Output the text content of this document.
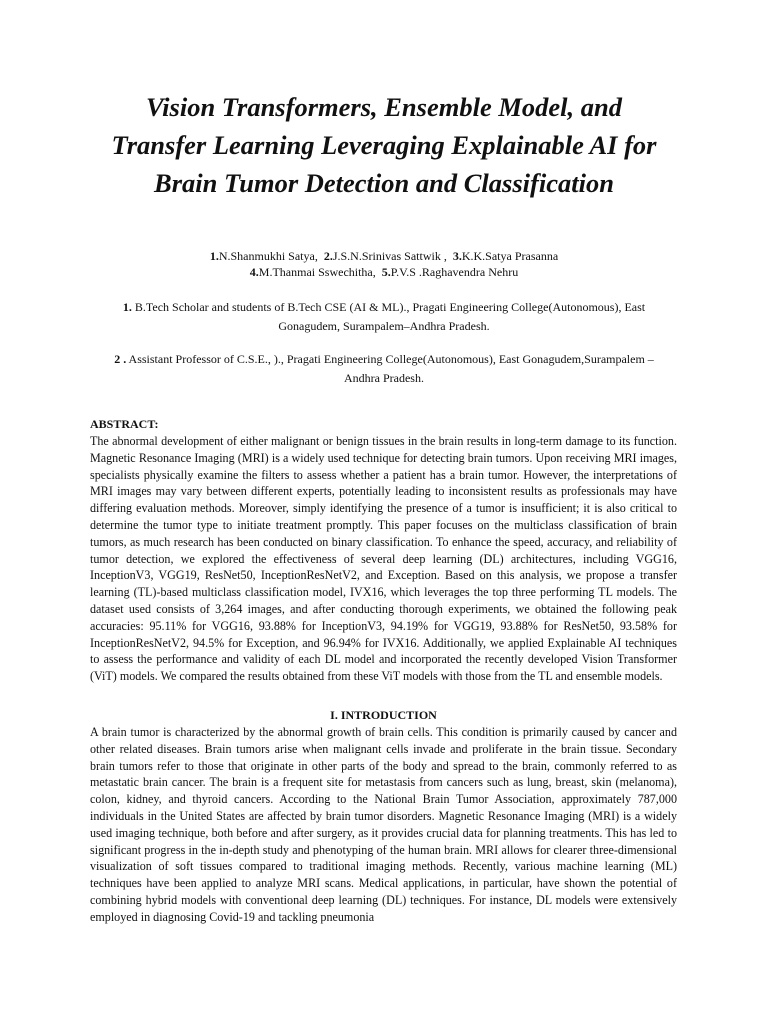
Vision Transformers, Ensemble Model, and
Transfer Learning Leveraging Explainable AI for
Brain Tumor Detection and Classification
1.N.Shanmukhi Satya, 2.J.S.N.Srinivas Sattwik , 3.K.K.Satya Prasanna
4.M.Thanmai Sswechitha, 5.P.V.S .Raghavendra Nehru
1. B.Tech Scholar and students of B.Tech CSE (AI & ML)., Pragati Engineering College(Autonomous), East Gonagudem, Surampalem–Andhra Pradesh.
2 . Assistant Professor of C.S.E., )., Pragati Engineering College(Autonomous), East Gonagudem,Surampalem – Andhra Pradesh.
ABSTRACT:

The abnormal development of either malignant or benign tissues in the brain results in long-term damage to its function. Magnetic Resonance Imaging (MRI) is a widely used technique for detecting brain tumors. Upon receiving MRI images, specialists physically examine the filters to assess whether a patient has a brain tumor. However, the interpretations of MRI images may vary between different experts, potentially leading to inconsistent results as professionals may have differing evaluation methods. Moreover, simply identifying the presence of a tumor is insufficient; it is also critical to determine the tumor type to initiate treatment promptly. This paper focuses on the multiclass classification of brain tumors, as much research has been conducted on binary classification. To enhance the speed, accuracy, and reliability of tumor detection, we explored the effectiveness of several deep learning (DL) architectures, including VGG16, InceptionV3, VGG19, ResNet50, InceptionResNetV2, and Exception. Based on this analysis, we propose a transfer learning (TL)-based multiclass classification model, IVX16, which leverages the top three performing TL models. The dataset used consists of 3,264 images, and after conducting thorough experiments, we obtained the following peak accuracies: 95.11% for VGG16, 93.88% for InceptionV3, 94.19% for VGG19, 93.88% for ResNet50, 93.58% for InceptionResNetV2, 94.5% for Exception, and 96.94% for IVX16. Additionally, we applied Explainable AI techniques to assess the performance and validity of each DL model and incorporated the recently developed Vision Transformer (ViT) models. We compared the results obtained from these ViT models with those from the TL and ensemble models.

I. INTRODUCTION

A brain tumor is characterized by the abnormal growth of brain cells. This condition is primarily caused by cancer and other related diseases. Brain tumors arise when malignant cells invade and proliferate in the brain tissue. Secondary brain tumors refer to those that originate in other parts of the body and spread to the brain, commonly referred to as metastatic brain cancer. The brain is a frequent site for metastasis from cancers such as lung, breast, skin (melanoma), colon, kidney, and thyroid cancers. According to the National Brain Tumor Association, approximately 787,000 individuals in the United States are affected by brain tumor disorders. Magnetic Resonance Imaging (MRI) is a widely used imaging technique, both before and after surgery, as it provides crucial data for planning treatments. This has led to significant progress in the in-depth study and phenotyping of the human brain. MRI allows for clearer three-dimensional visualization of soft tissues compared to traditional imaging methods. Recently, various machine learning (ML) techniques have been applied to analyze MRI scans. Medical applications, in particular, have shown the potential of combining hybrid models with conventional deep learning (DL) techniques. For instance, DL models were extensively employed in diagnosing Covid-19 and tackling pneumonia
